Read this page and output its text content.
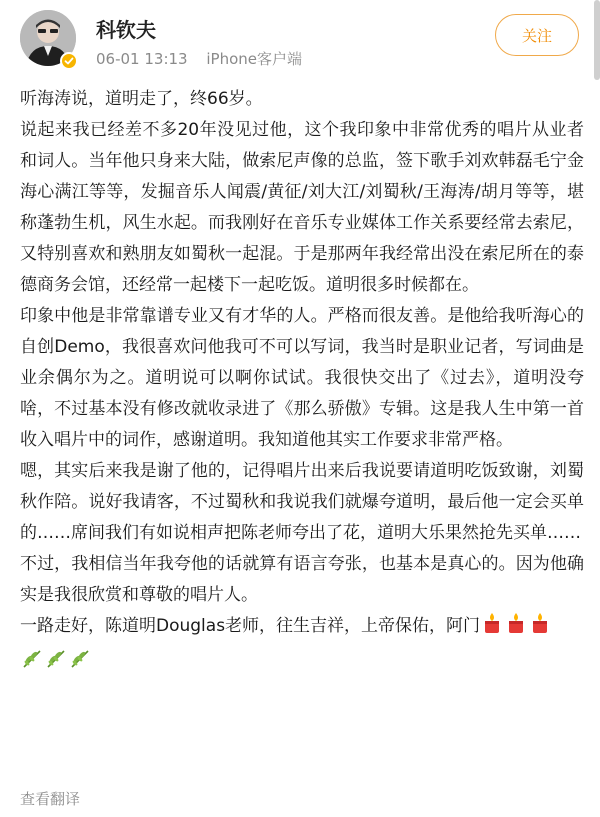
科钦夫
06-01 13:13 iPhone客户端
关注

听海涛说，道明走了，终66岁。

说起来我已经差不多20年没见过他，这个我印象中非常优秀的唱片从业者和词人。当年他只身来大陆，做索尼声像的总监，签下歌手刘欢韩磊毛宁金海心满江等等，发掘音乐人闻震/黄征/刘大江/刘蜀秋/王海涛/胡月等等，堪称蓬勃生机，风生水起。而我刚好在音乐专业媒体工作关系要经常去索尼，又特别喜欢和熟朋友如蜀秋一起混。于是那两年我经常出没在索尼所在的泰德商务会馆，还经常一起楼下一起吃饭。道明很多时候都在。

印象中他是非常靠谱专业又有才华的人。严格而很友善。是他给我听海心的自创Demo，我很喜欢问他我可不可以写词，我当时是职业记者，写词曲是业余偶尔为之。道明说可以啊你试试。我很快交出了《过去》，道明没夸啥，不过基本没有修改就收录进了《那么骄傲》专辑。这是我人生中第一首收入唱片中的词作，感谢道明。我知道他其实工作要求非常严格。

嗯，其实后来我是谢了他的，记得唱片出来后我说要请道明吃饭致谢，刘蜀秋作陪。说好我请客，不过蜀秋和我说我们就爆夸道明，最后他一定会买单的……席间我们有如说相声把陈老师夸出了花，道明大乐果然抢先买单……

不过，我相信当年我夸他的话就算有语言夸张，也基本是真心的。因为他确实是我很欣赏和尊敬的唱片人。

一路走好，陈道明Douglas老师，往生吉祥，上帝保佑，阿门

查看翻译
